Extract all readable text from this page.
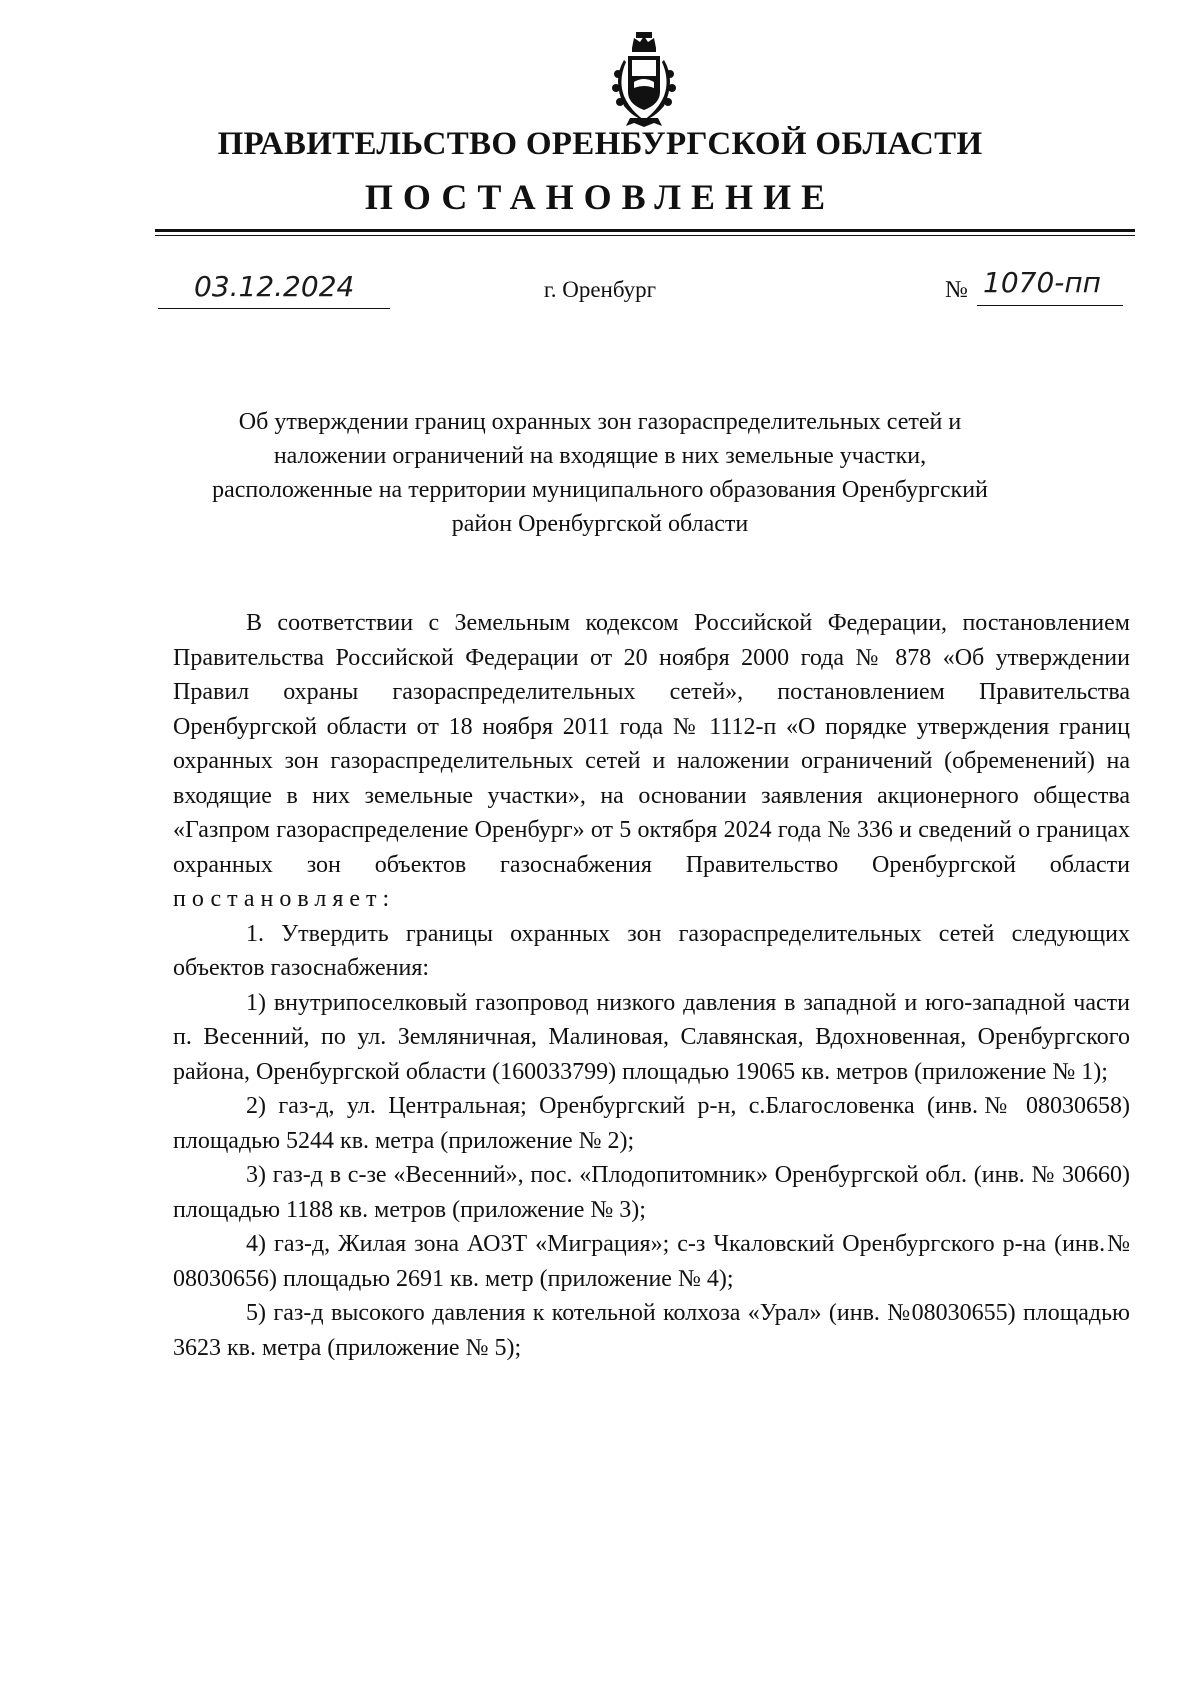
ПРАВИТЕЛЬСТВО ОРЕНБУРГСКОЙ ОБЛАСТИ
ПОСТАНОВЛЕНИЕ
03.12.2024	г. Оренбург	№ 1070-пп

Об утверждении границ охранных зон газораспределительных сетей и наложении ограничений на входящие в них земельные участки, расположенные на территории муниципального образования Оренбургский район Оренбургской области

В соответствии с Земельным кодексом Российской Федерации, постановлением Правительства Российской Федерации от 20 ноября 2000 года № 878 «Об утверждении Правил охраны газораспределительных сетей», постановлением Правительства Оренбургской области от 18 ноября 2011 года № 1112-п «О порядке утверждения границ охранных зон газораспределительных сетей и наложении ограничений (обременений) на входящие в них земельные участки», на основании заявления акционерного общества «Газпром газораспределение Оренбург» от 5 октября 2024 года № 336 и сведений о границах охранных зон объектов газоснабжения Правительство Оренбургской области постановляет:

1. Утвердить границы охранных зон газораспределительных сетей следующих объектов газоснабжения:

1) внутрипоселковый газопровод низкого давления в западной и юго-западной части п. Весенний, по ул. Земляничная, Малиновая, Славянская, Вдохновенная, Оренбургского района, Оренбургской области (160033799) площадью 19065 кв. метров (приложение № 1);

2) газ-д, ул. Центральная; Оренбургский р-н, с.Благословенка (инв.№ 08030658) площадью 5244 кв. метра (приложение № 2);

3) газ-д в с-зе «Весенний», пос. «Плодопитомник» Оренбургской обл. (инв. № 30660) площадью 1188 кв. метров (приложение № 3);

4) газ-д, Жилая зона АОЗТ «Миграция»; с-з Чкаловский Оренбургского р-на (инв.№ 08030656) площадью 2691 кв. метр (приложение № 4);

5) газ-д высокого давления к котельной колхоза «Урал» (инв. №08030655) площадью 3623 кв. метра (приложение № 5);
